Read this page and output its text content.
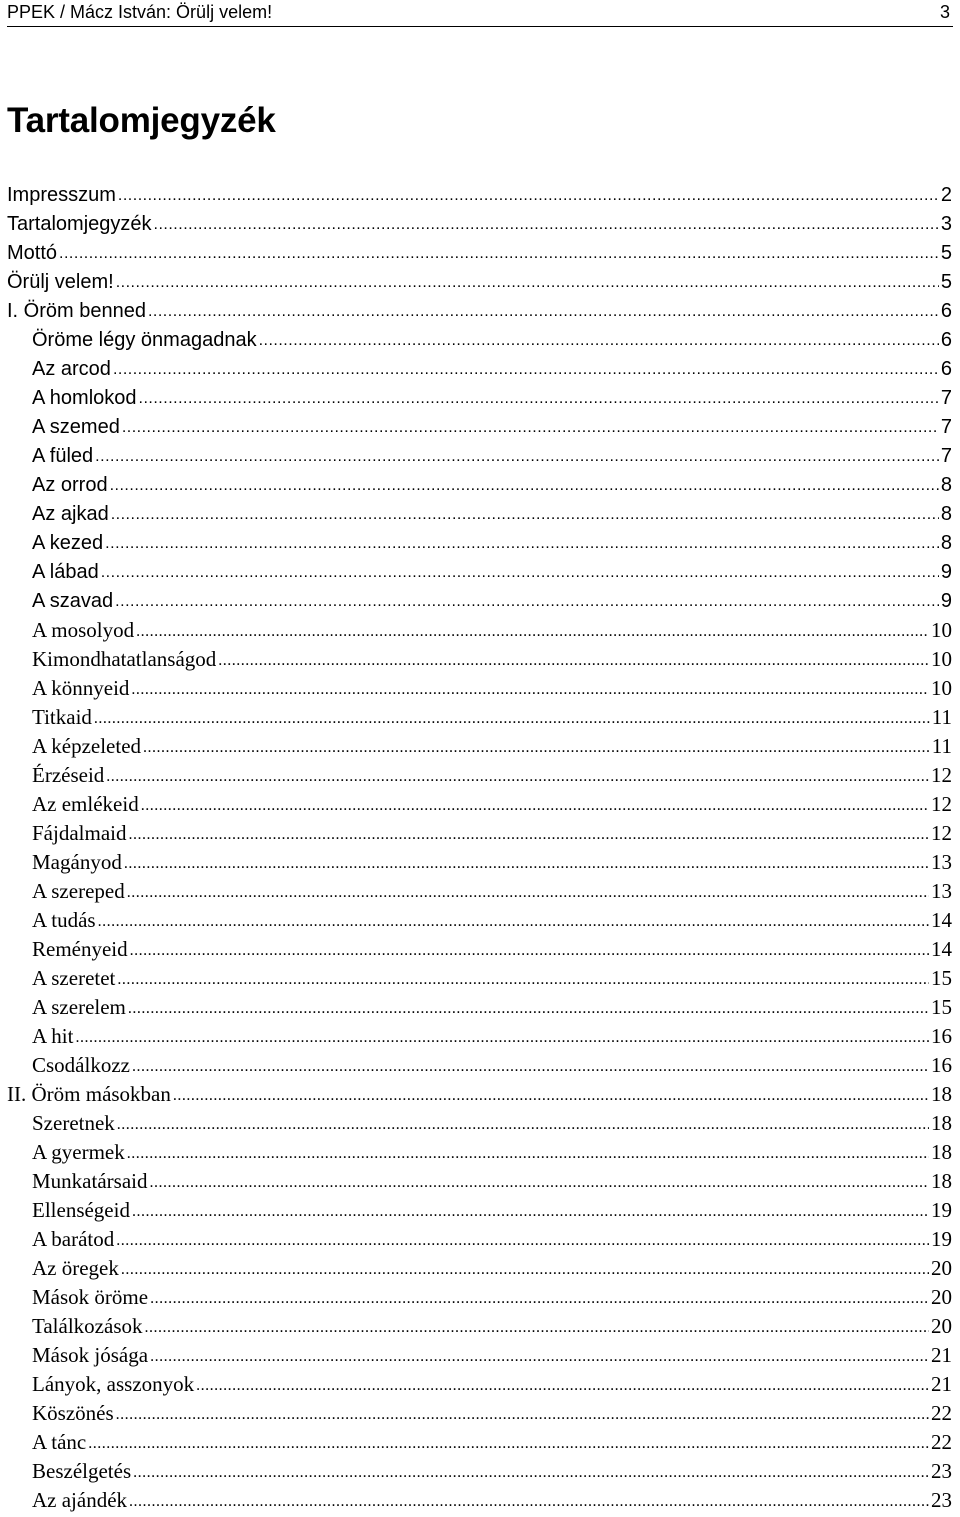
PPEK / Mácz István: Örülj velem!	3
Tartalomjegyzék
Impresszum .....	2
Tartalomjegyzék .....	3
Mottó .....	5
Örülj velem! .....	5
I. Öröm benned .....	6
Öröme légy önmagadnak .....	6
Az arcod .....	6
A homlokod .....	7
A szemed .....	7
A füled .....	7
Az orrod .....	8
Az ajkad .....	8
A kezed .....	8
A lábad .....	9
A szavad .....	9
A mosolyod .....	10
Kimondhatatlanságod .....	10
A könnyeid .....	10
Titkaid .....	11
A képzeleted .....	11
Érzéseid .....	12
Az emlékeid .....	12
Fájdalmaid .....	12
Magányod .....	13
A szereped .....	13
A tudás .....	14
Reményeid .....	14
A szeretet .....	15
A szerelem .....	15
A hit .....	16
Csodálkozz .....	16
II. Öröm másokban .....	18
Szeretnek .....	18
A gyermek .....	18
Munkatársaid .....	18
Ellenségeid .....	19
A barátod .....	19
Az öregek .....	20
Mások öröme .....	20
Találkozások .....	20
Mások jósága .....	21
Lányok, asszonyok .....	21
Köszönés .....	22
A tánc .....	22
Beszélgetés .....	23
Az ajándék .....	23
